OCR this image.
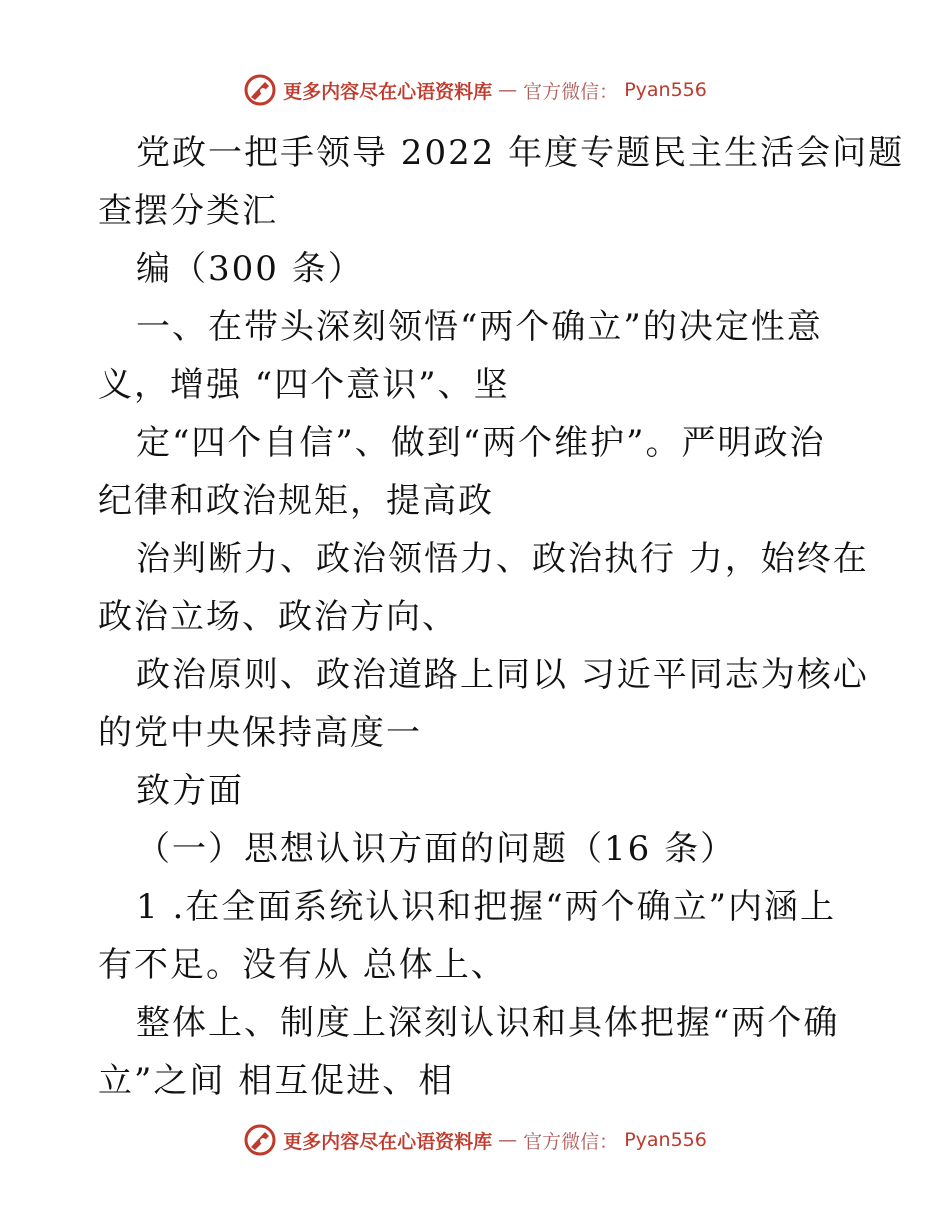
更多内容尽在心语资料库 — 官方微信： Pyan556
党政一把手领导 2022 年度专题民主生活会问题
查摆分类汇
编（300 条）
一、在带头深刻领悟“两个确立”的决定性意
义，增强 “四个意识”、坚
定“四个自信”、做到“两个维护”。严明政治
纪律和政治规矩，提高政
治判断力、政治领悟力、政治执行 力，始终在
政治立场、政治方向、
政治原则、政治道路上同以 习近平同志为核心
的党中央保持高度一
致方面
（一）思想认识方面的问题（16 条）
1 .在全面系统认识和把握“两个确立”内涵上
有不足。没有从 总体上、
整体上、制度上深刻认识和具体把握“两个确
立”之间 相互促进、相
更多内容尽在心语资料库 — 官方微信： Pyan556
